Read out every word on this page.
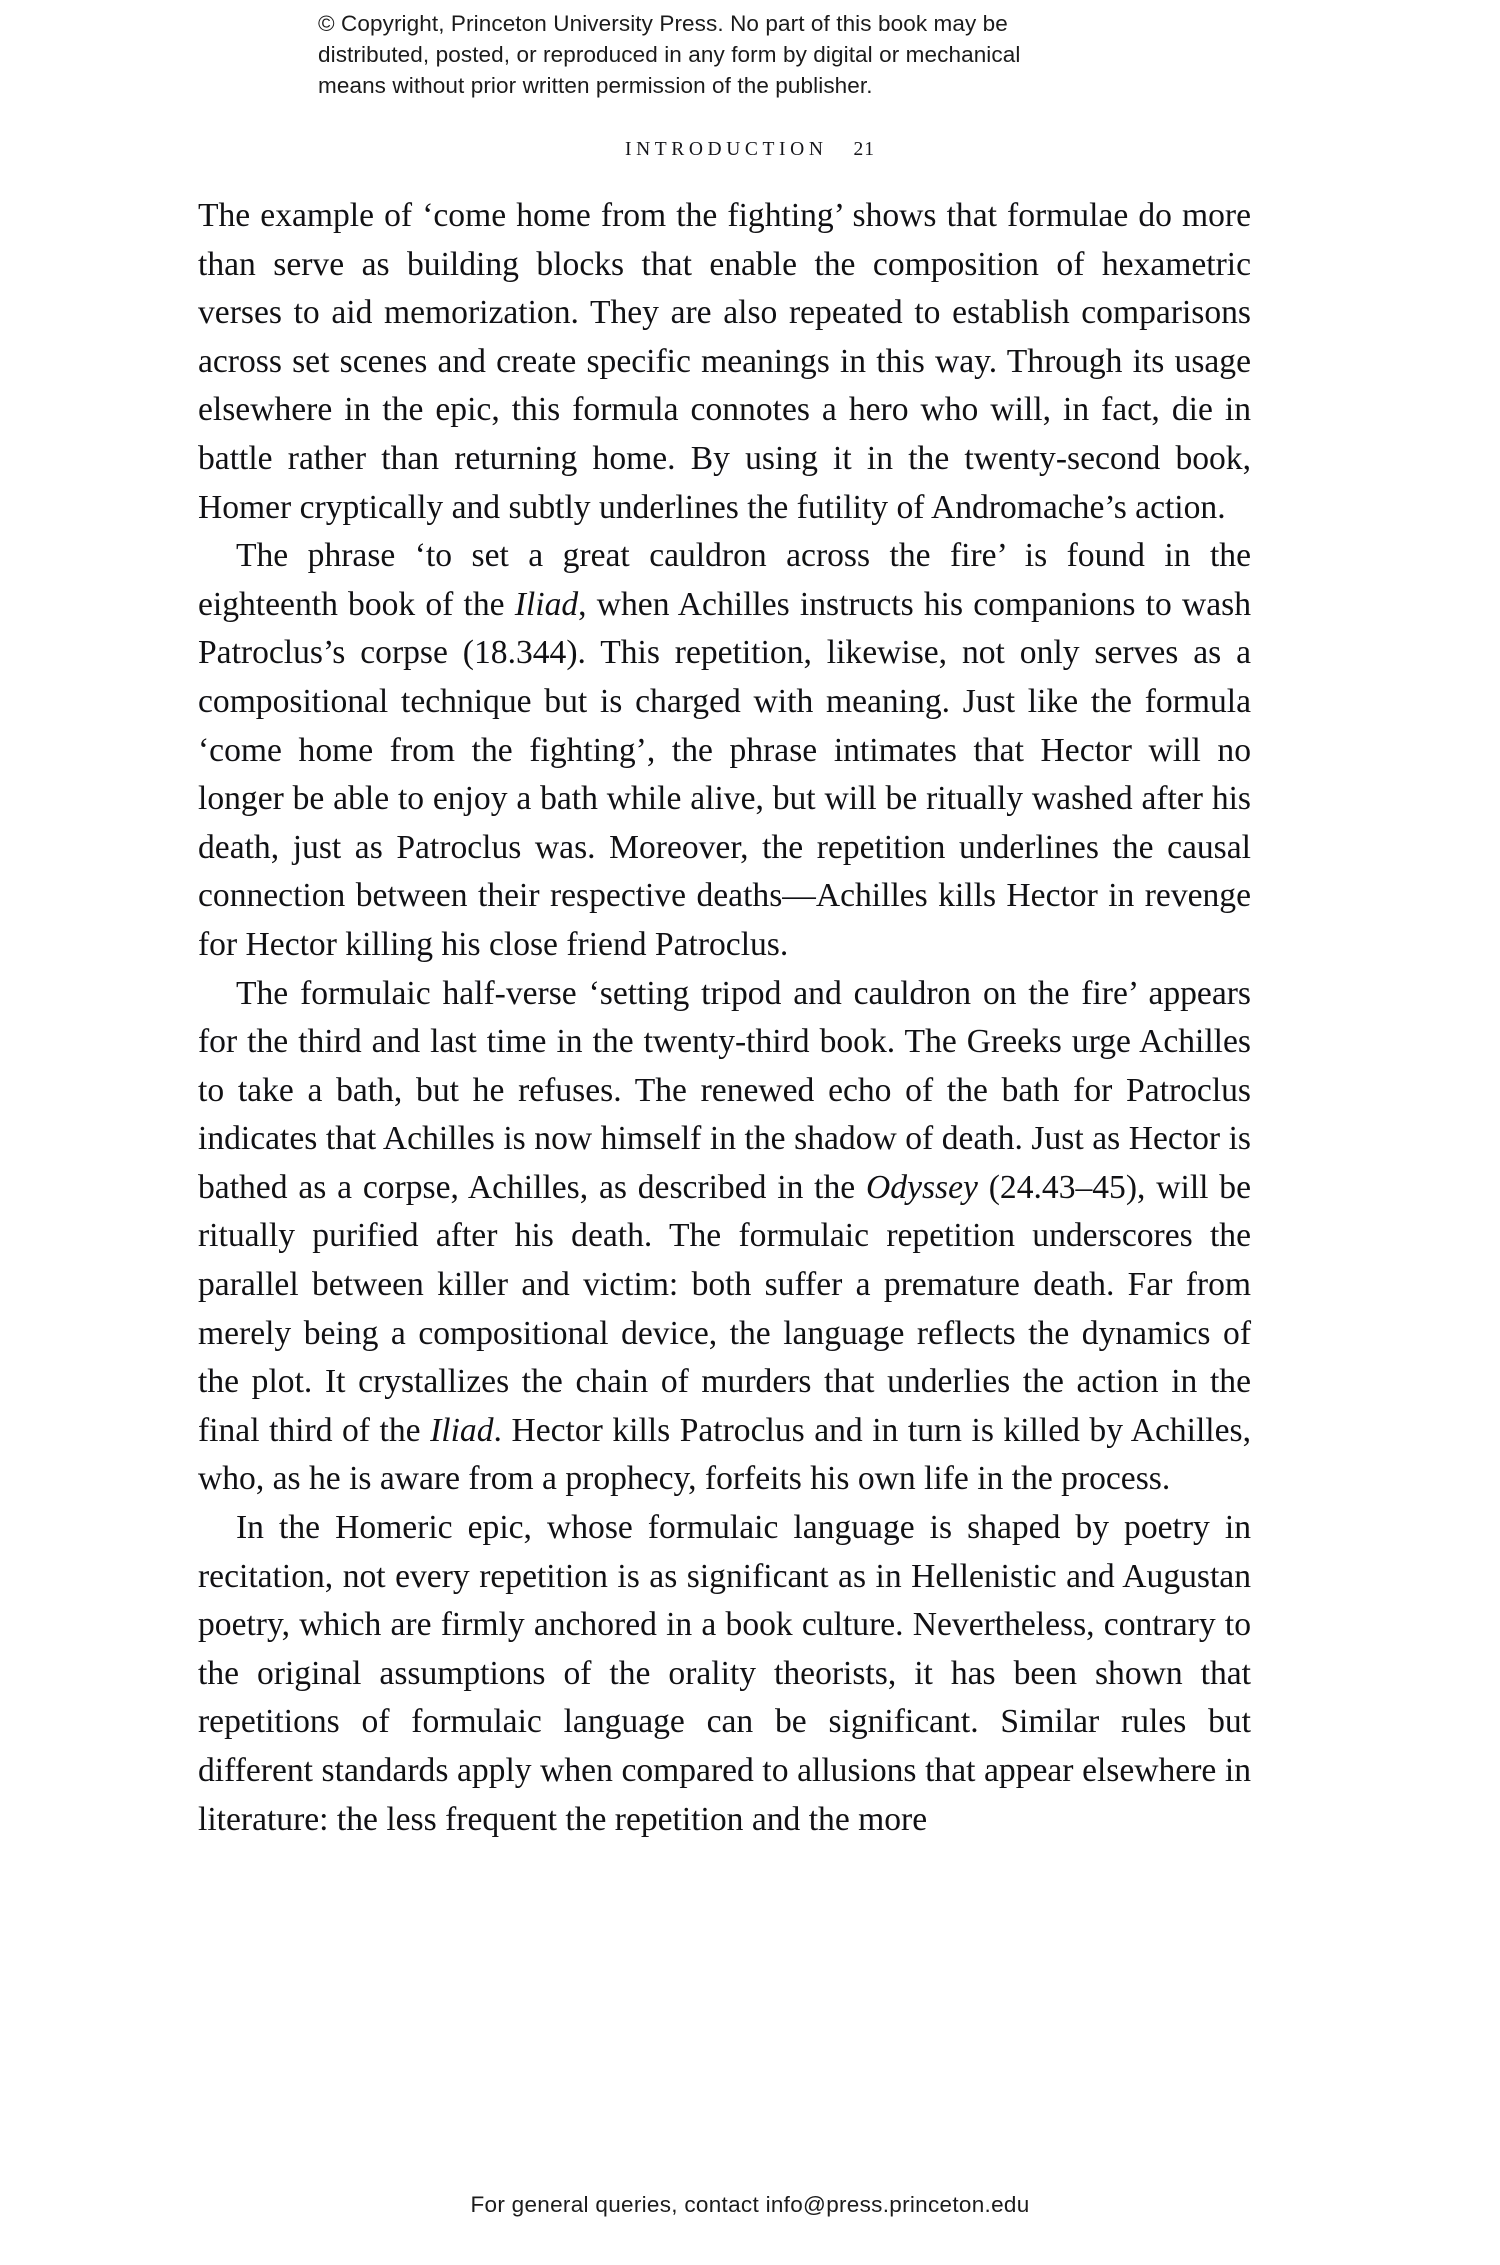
© Copyright, Princeton University Press. No part of this book may be
distributed, posted, or reproduced in any form by digital or mechanical
means without prior written permission of the publisher.
INTRODUCTION 21

The example of ‘come home from the fighting’ shows that formulae do more than serve as building blocks that enable the composition of hexametric verses to aid memorization. They are also repeated to establish comparisons across set scenes and create specific meanings in this way. Through its usage elsewhere in the epic, this formula connotes a hero who will, in fact, die in battle rather than returning home. By using it in the twenty-second book, Homer cryptically and subtly underlines the futility of Andromache’s action.

The phrase ‘to set a great cauldron across the fire’ is found in the eighteenth book of the Iliad, when Achilles instructs his companions to wash Patroclus’s corpse (18.344). This repetition, likewise, not only serves as a compositional technique but is charged with meaning. Just like the formula ‘come home from the fighting’, the phrase intimates that Hector will no longer be able to enjoy a bath while alive, but will be ritually washed after his death, just as Patroclus was. Moreover, the repetition underlines the causal connection between their respective deaths—Achilles kills Hector in revenge for Hector killing his close friend Patroclus.

The formulaic half-verse ‘setting tripod and cauldron on the fire’ appears for the third and last time in the twenty-third book. The Greeks urge Achilles to take a bath, but he refuses. The renewed echo of the bath for Patroclus indicates that Achilles is now himself in the shadow of death. Just as Hector is bathed as a corpse, Achilles, as described in the Odyssey (24.43–45), will be ritually purified after his death. The formulaic repetition underscores the parallel between killer and victim: both suffer a premature death. Far from merely being a compositional device, the language reflects the dynamics of the plot. It crystallizes the chain of murders that underlies the action in the final third of the Iliad. Hector kills Patroclus and in turn is killed by Achilles, who, as he is aware from a prophecy, forfeits his own life in the process.

In the Homeric epic, whose formulaic language is shaped by poetry in recitation, not every repetition is as significant as in Hellenistic and Augustan poetry, which are firmly anchored in a book culture. Nevertheless, contrary to the original assumptions of the orality theorists, it has been shown that repetitions of formulaic language can be significant. Similar rules but different standards apply when compared to allusions that appear elsewhere in literature: the less frequent the repetition and the more

For general queries, contact info@press.princeton.edu
